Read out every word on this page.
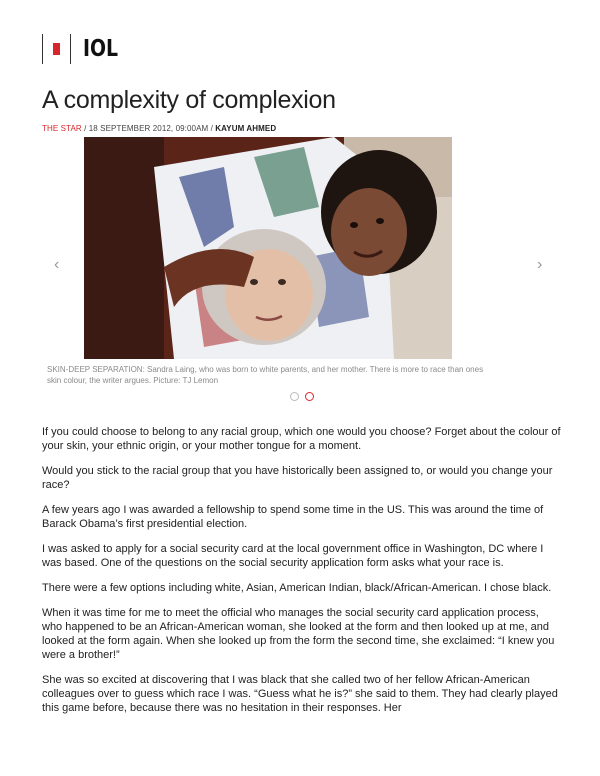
IOL
A complexity of complexion
THE STAR / 18 SEPTEMBER 2012, 09:00AM / KAYUM AHMED
‹	›
SKIN-DEEP SEPARATION: Sandra Laing, who was born to white parents, and her mother. There is more to race than ones skin colour, the writer argues. Picture: TJ Lemon

If you could choose to belong to any racial group, which one would you choose? Forget about the colour of your skin, your ethnic origin, or your mother tongue for a moment.

Would you stick to the racial group that you have historically been assigned to, or would you change your race?

A few years ago I was awarded a fellowship to spend some time in the US. This was around the time of Barack Obama’s first presidential election.

I was asked to apply for a social security card at the local government office in Washington, DC where I was based. One of the questions on the social security application form asks what your race is.

There were a few options including white, Asian, American Indian, black/African-American. I chose black.

When it was time for me to meet the official who manages the social security card application process, who happened to be an African-American woman, she looked at the form and then looked up at me, and looked at the form again. When she looked up from the form the second time, she exclaimed: “I knew you were a brother!”

She was so excited at discovering that I was black that she called two of her fellow African-American colleagues over to guess which race I was. “Guess what he is?” she said to them. They had clearly played this game before, because there was no hesitation in their responses. Her
